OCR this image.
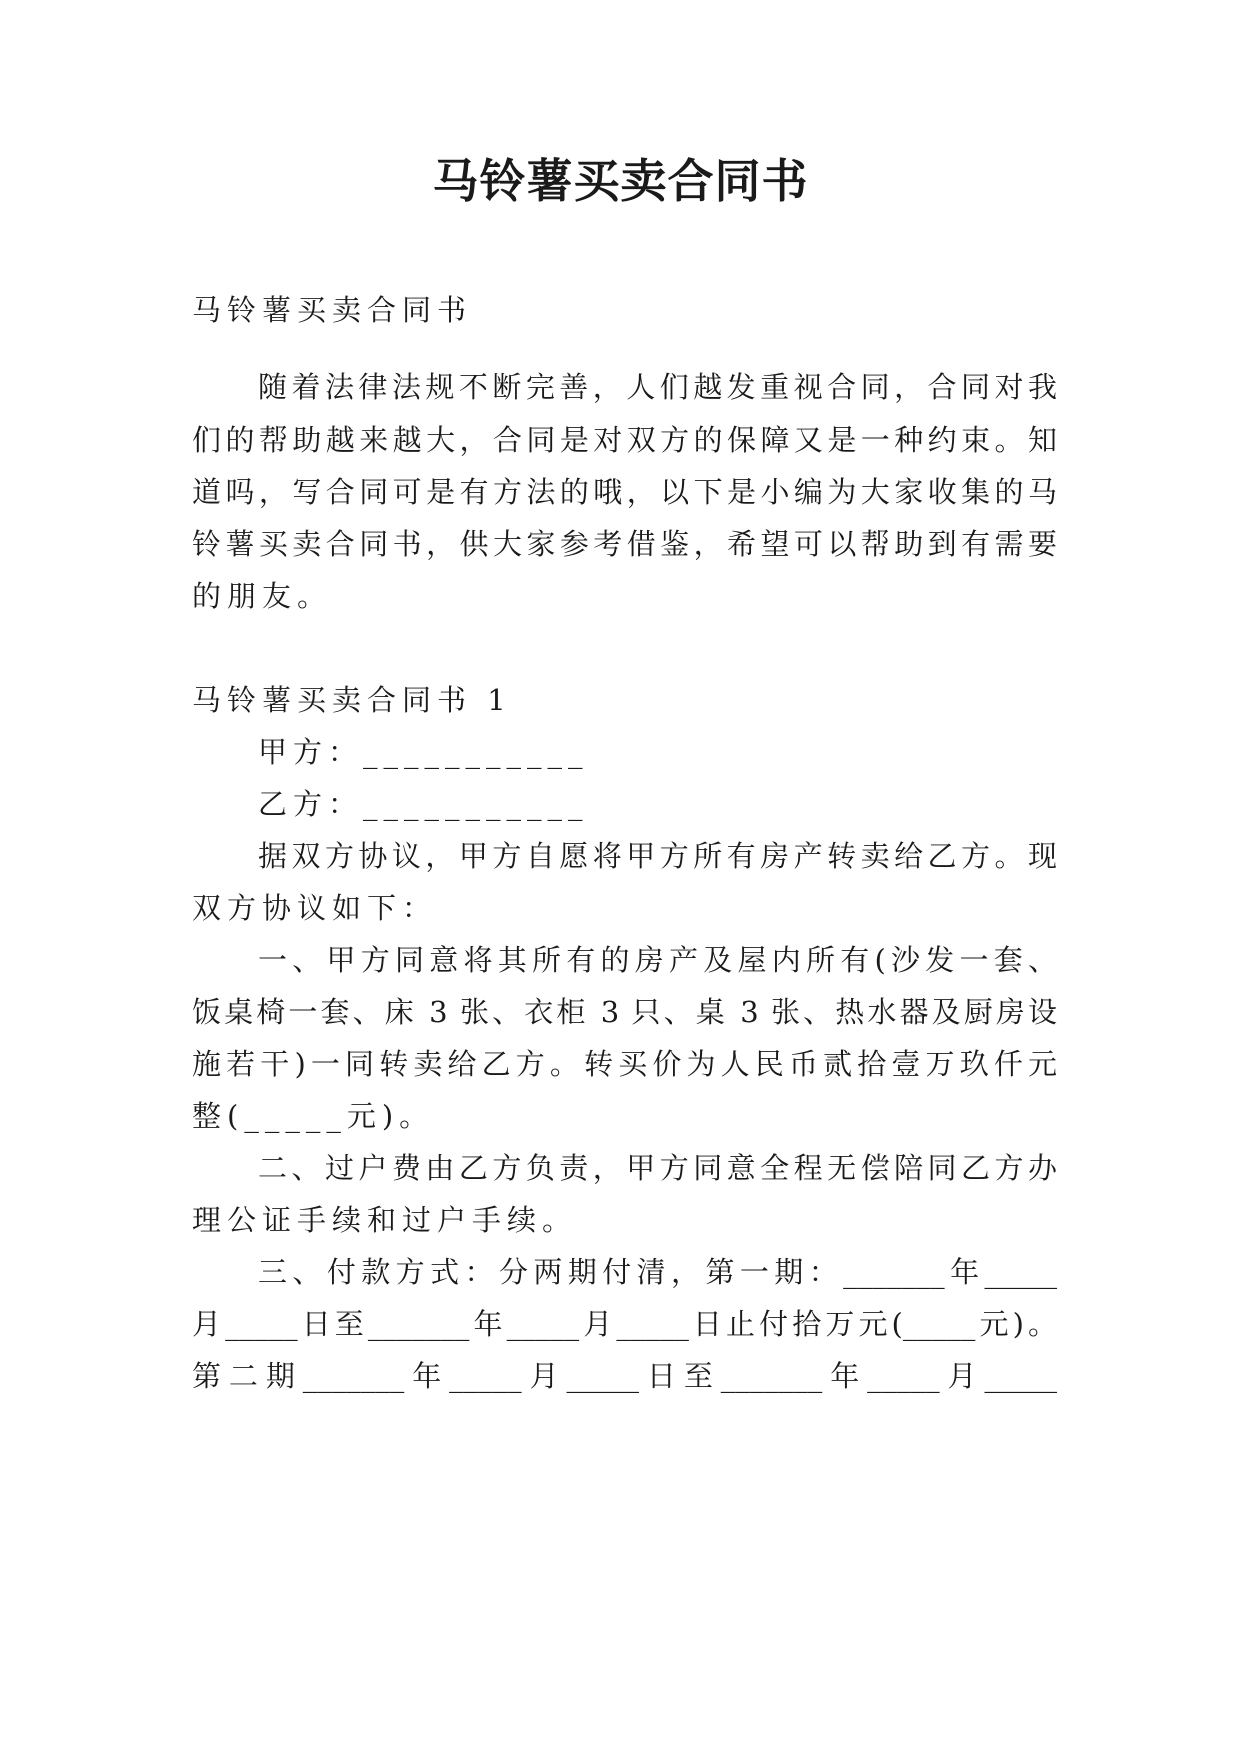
马铃薯买卖合同书

马铃薯买卖合同书

随着法律法规不断完善，人们越发重视合同，合同对我

们的帮助越来越大，合同是对双方的保障又是一种约束。知

道吗，写合同可是有方法的哦，以下是小编为大家收集的马

铃薯买卖合同书，供大家参考借鉴，希望可以帮助到有需要

的朋友。

马铃薯买卖合同书 1

甲方：___________

乙方：___________

据双方协议，甲方自愿将甲方所有房产转卖给乙方。现

双方协议如下：

一、甲方同意将其所有的房产及屋内所有(沙发一套、

饭桌椅一套、床 3 张、衣柜 3 只、桌 3 张、热水器及厨房设

施若干)一同转卖给乙方。转买价为人民币贰拾壹万玖仟元

整(_____元)。

二、过户费由乙方负责，甲方同意全程无偿陪同乙方办

理公证手续和过户手续。

三、付款方式：分两期付清，第一期：_______年_____

月_____日至_______年_____月_____日止付拾万元(_____元)。

第二期_______年_____月_____日至_______年_____月_____
